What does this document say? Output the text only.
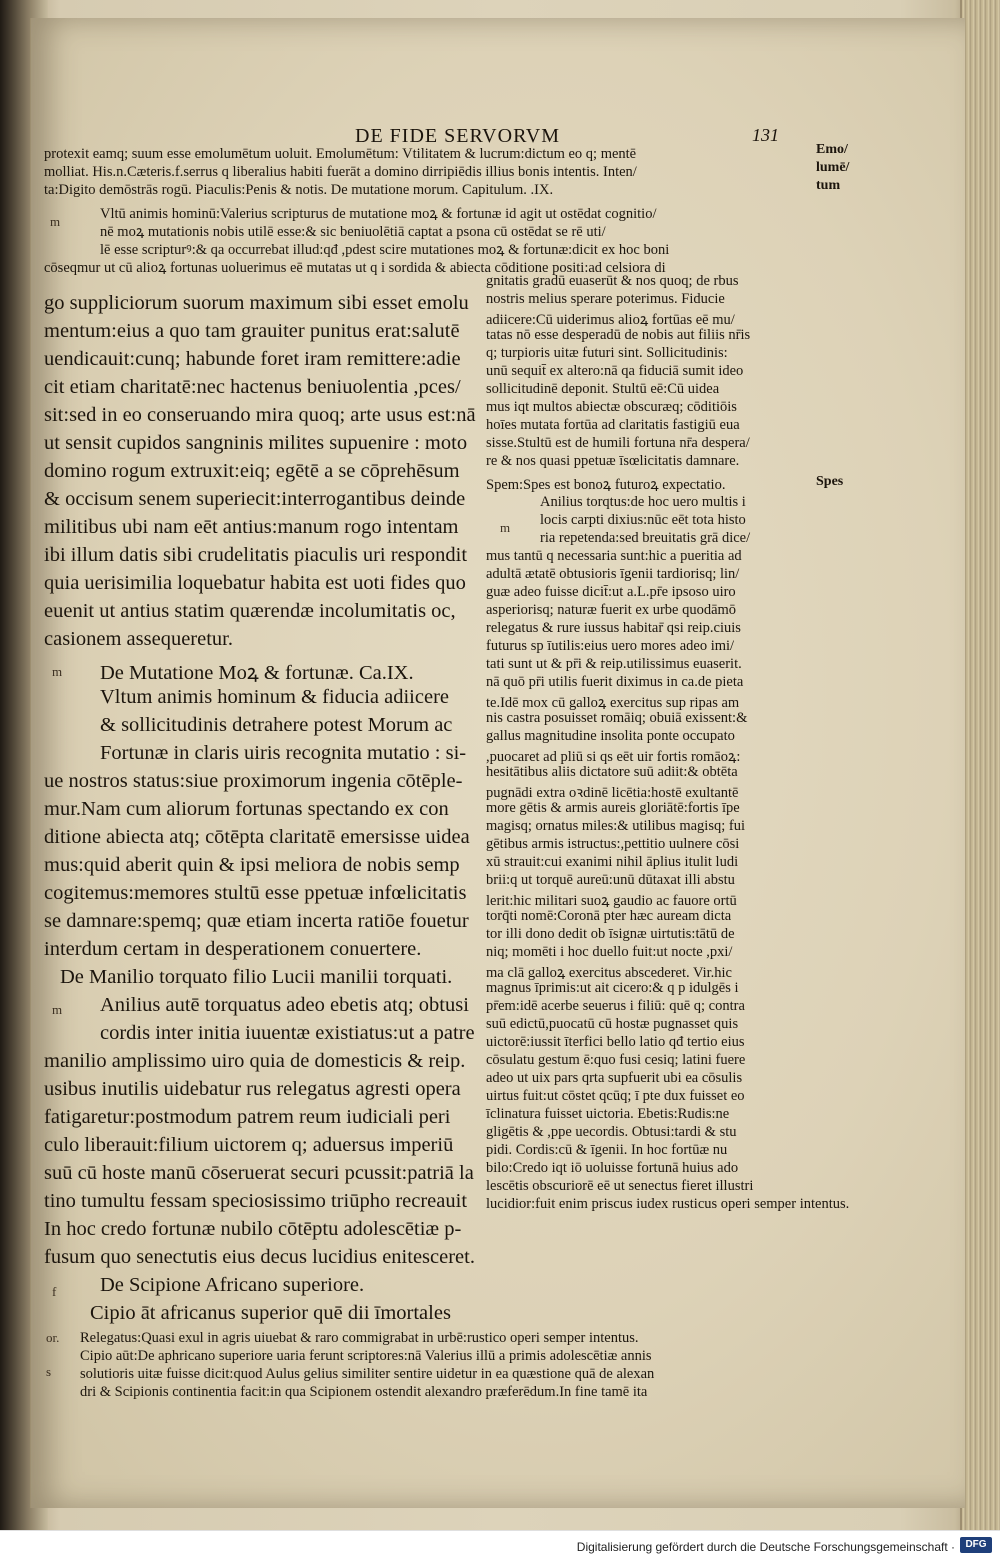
DE FIDE SERVORVM	131
protexit eamq; suum esse emolumētum uoluit. Emolumētum: Vtilitatem & lucrum:dictum eo q; mentē
molliat. His.n.Cæteris.f.serrus q liberalius habiti fuerāt a domino dirripiēdis illius bonis intentis. Inten/
ta:Digito demōstrās rogū. Piaculis:Penis & notis. De mutatione morum. Capitulum. .IX.
Vltū animis hominū:Valerius scripturus de mutatione moꝝ & fortunæ id agit ut ostēdat cognitio/
nē moꝝ mutationis nobis utilē esse:& sic beniuolētiā captat a psona cū ostēdat se rē uti/
lē esse scripturꝰ:& qa occurrebat illud:qđ ,pdest scire mutationes moꝝ & fortunæ:dicit ex hoc boni
cōseqmur ut cū alioꝝ fortunas uoluerimus eē mutatas ut q i sordida & abiecta cōditione positi:ad celsiora di
go suppliciorum suorum maximum sibi esset emolu
mentum:eius a quo tam grauiter punitus erat:salutē
uendicauit:cunq; habunde foret iram remittere:adie
cit etiam charitatē:nec hactenus beniuolentia ,pces/
sit:sed in eo conseruando mira quoq; arte usus est:nā
ut sensit cupidos sangninis milites supuenire : moto
domino rogum extruxit:eiq; egētē a se cōprehēsum
& occisum senem superiecit:interrogantibus deinde
militibus ubi nam eēt antius:manum rogo intentam
ibi illum datis sibi crudelitatis piaculis uri respondit
quia uerisimilia loquebatur habita est uoti fides quo
euenit ut antius statim quærendæ incolumitatis oc,
casionem assequeretur.
De Mutatione Moꝝ & fortunæ. Ca.IX.
Vltum animis hominum & fiducia adiicere
& sollicitudinis detrahere potest Morum ac
Fortunæ in claris uiris recognita mutatio : si-
ue nostros status:siue proximorum ingenia cōtēple-
mur.Nam cum aliorum fortunas spectando ex con
ditione abiecta atq; cōtēpta claritatē emersisse uidea
mus:quid aberit quin & ipsi meliora de nobis semp
cogitemus:memores stultū esse ppetuæ infœlicitatis
se damnare:spemq; quæ etiam incerta ratiōe fouetur
interdum certam in desperationem conuertere.
De Manilio torquato filio Lucii manilii torquati.
Anilius autē torquatus adeo ebetis atq; obtusi
cordis inter initia iuuentæ existiatus:ut a patre
manilio amplissimo uiro quia de domesticis & reip.
usibus inutilis uidebatur rus relegatus agresti opera
fatigaretur:postmodum patrem reum iudiciali peri
culo liberauit:filium uictorem q; aduersus imperiū
suū cū hoste manū cōseruerat securi pcussit:patriā la
tino tumultu fessam speciosissimo triūpho recreauit
In hoc credo fortunæ nubilo cōtēptu adolescētiæ p-
fusum quo senectutis eius decus lucidius enitesceret.
De Scipione Africano superiore.
Cipio āt africanus superior quē dii īmortales
gnitatis gradū euaserūt & nos quoq; de rbus
nostris melius sperare poterimus. Fiducie
adiicere:Cū uiderimus alioꝝ fortūas eē mu/
tatas nō esse desperadū de nobis aut filiis nr̄is
q; turpioris uitæ futuri sint. Sollicitudinis:
unū sequit̄ ex altero:nā qa fiduciā sumit ideo
sollicitudinē deponit. Stultū eē:Cū uidea
mus iqt multos abiectæ obscuræq; cōditiōis
hoīes mutata fortūa ad claritatis fastigiū eua
sisse.Stultū est de humili fortuna nr̄a despera/
re & nos quasi ppetuæ īsœlicitatis damnare.
Spem:Spes est bonoꝝ futuroꝝ expectatio.
Anilius torqtus:de hoc uero multis i
locis carpti dixius:nūc eēt tota histo
ria repetenda:sed breuitatis grā dice/
mus tantū q necessaria sunt:hic a pueritia ad
adultā ætatē obtusioris īgenii tardiorisq; lin/
guæ adeo fuisse dicit̄:ut a.L.pr̄e ipsoso uiro
asperiorisq; naturæ fuerit ex urbe quodāmō
relegatus & rure iussus habitar̄ qsi reip.ciuis
futurus sp īutilis:eius uero mores adeo imi/
tati sunt ut & pr̄i & reip.utilissimus euaserit.
nā quō pr̄i utilis fuerit diximus in ca.de pieta
te.Idē mox cū galloꝝ exercitus sup ripas am
nis castra posuisset romāiq; obuiā exissent:&
gallus magnitudine insolita ponte occupato
,puocaret ad pliū si qs eēt uir fortis romāoꝝ:
hesitātibus aliis dictatore suū adiit:& obtēta
pugnādi extra oꝛdinē licētia:hostē exultantē
more gētis & armis aureis gloriātē:fortis īpe
magisq; ornatus miles:& utilibus magisq; fui
gētibus armis istructus:,pettitio uulnere cōsi
xū strauit:cui exanimi nihil āplius itulit ludi
brii:q ut torquē aureū:unū dūtaxat illi abstu
lerit:hic militari suoꝝ gaudio ac fauore ortū
torq̄ti nomē:Coronā pter hæc auream dicta
tor illi dono dedit ob īsignæ uirtutis:tātū de
niq; momēti i hoc duello fuit:ut nocte ,pxi/
ma clā galloꝝ exercitus abscederet. Vir.hic
magnus īprimis:ut ait cicero:& q p idulgēs i
pr̄em:idē acerbe seuerus i filiū: quē q; contra
suū edictū,puocatū cū hostæ pugnasset quis
uictorē:iussit īterfici bello latio qđ tertio eius
cōsulatu gestum ē:quo fusi cesiq; latini fuere
adeo ut uix pars qrta supfuerit ubi ea cōsulis
uirtus fuit:ut cōstet qcūq; ī pte dux fuisset eo
īclinatura fuisset uictoria. Ebetis:Rudis:ne
gligētis & ,ppe uecordis. Obtusi:tardi & stu
pidi. Cordis:cū & īgenii. In hoc fortūæ nu
bilo:Credo iqt iō uoluisse fortunā huius ado
lescētis obscuriorē eē ut senectus fieret illustri
lucidior:fuit enim priscus iudex rusticus operi semper intentus.
Relegatus:Quasi exul in agris uiuebat & raro commigrabat in urbē:rustico operi semper intentus.
Cipio aūt:De aphricano superiore uaria ferunt scriptores:nā Valerius illū a primis adolescētiæ annis
solutioris uitæ fuisse dicit:quod Aulus gelius similiter sentire uidetur in ea quæstione quā de alexan
dri & Scipionis continentia facit:in qua Scipionem ostendit alexandro præferēdum.In fine tamē ita
Emo/
lumē/
tum
Spes
m
m
m
m
f
or.
s
Digitalisierung gefördert durch die Deutsche Forschungsgemeinschaft ·	DFG
